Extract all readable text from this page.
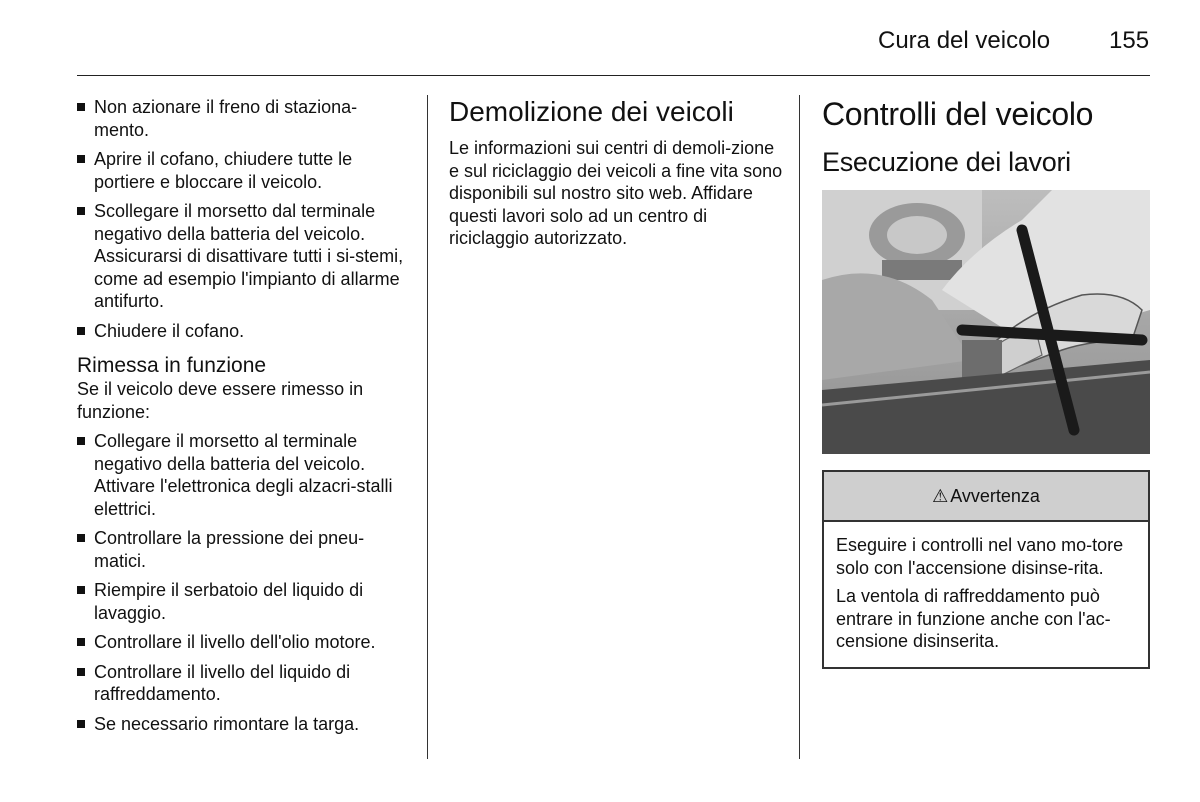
Cura del veicolo 155
Non azionare il freno di staziona-mento.
Aprire il cofano, chiudere tutte le portiere e bloccare il veicolo.
Scollegare il morsetto dal terminale negativo della batteria del veicolo. Assicurarsi di disattivare tutti i si-stemi, come ad esempio l'impianto di allarme antifurto.
Chiudere il cofano.
Rimessa in funzione

Se il veicolo deve essere rimesso in funzione:

Collegare il morsetto al terminale negativo della batteria del veicolo. Attivare l'elettronica degli alzacri-stalli elettrici.
Controllare la pressione dei pneu-matici.
Riempire il serbatoio del liquido di lavaggio.
Controllare il livello dell'olio motore.
Controllare il livello del liquido di raffreddamento.
Se necessario rimontare la targa.
Demolizione dei veicoli

Le informazioni sui centri di demoli-zione e sul riciclaggio dei veicoli a fine vita sono disponibili sul nostro sito web. Affidare questi lavori solo ad un centro di riciclaggio autorizzato.

Controlli del veicolo
Esecuzione dei lavori
⚠ Avvertenza

Eseguire i controlli nel vano mo-tore solo con l'accensione disinse-rita.

La ventola di raffreddamento può entrare in funzione anche con l'ac-censione disinserita.
